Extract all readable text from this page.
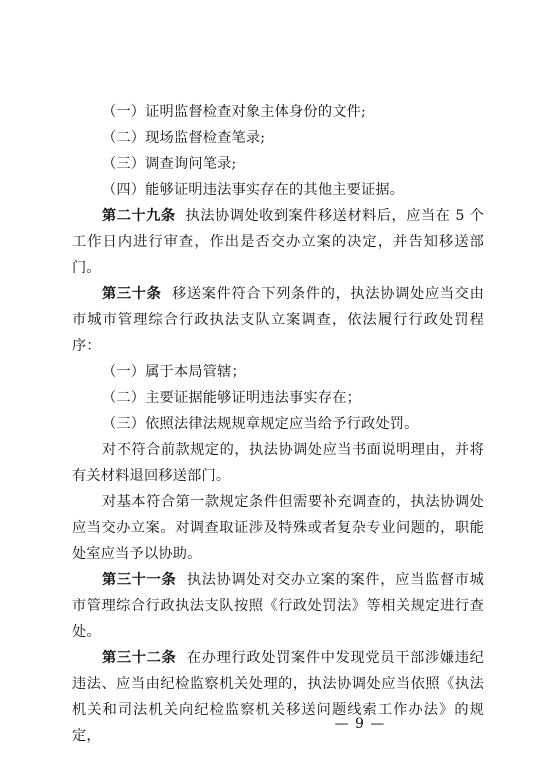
（一）证明监督检查对象主体身份的文件;

（二）现场监督检查笔录;

（三）调查询问笔录;

（四）能够证明违法事实存在的其他主要证据。

第二十九条 执法协调处收到案件移送材料后，应当在 5 个工作日内进行审查，作出是否交办立案的决定，并告知移送部门。

第三十条 移送案件符合下列条件的，执法协调处应当交由市城市管理综合行政执法支队立案调查，依法履行行政处罚程序：

（一）属于本局管辖；

（二）主要证据能够证明违法事实存在；

（三）依照法律法规规章规定应当给予行政处罚。

对不符合前款规定的，执法协调处应当书面说明理由，并将有关材料退回移送部门。

对基本符合第一款规定条件但需要补充调查的，执法协调处应当交办立案。对调查取证涉及特殊或者复杂专业问题的，职能处室应当予以协助。

第三十一条 执法协调处对交办立案的案件，应当监督市城市管理综合行政执法支队按照《行政处罚法》等相关规定进行查处。

第三十二条 在办理行政处罚案件中发现党员干部涉嫌违纪违法、应当由纪检监察机关处理的，执法协调处应当依照《执法机关和司法机关向纪检监察机关移送问题线索工作办法》的规定，

— 9 —
